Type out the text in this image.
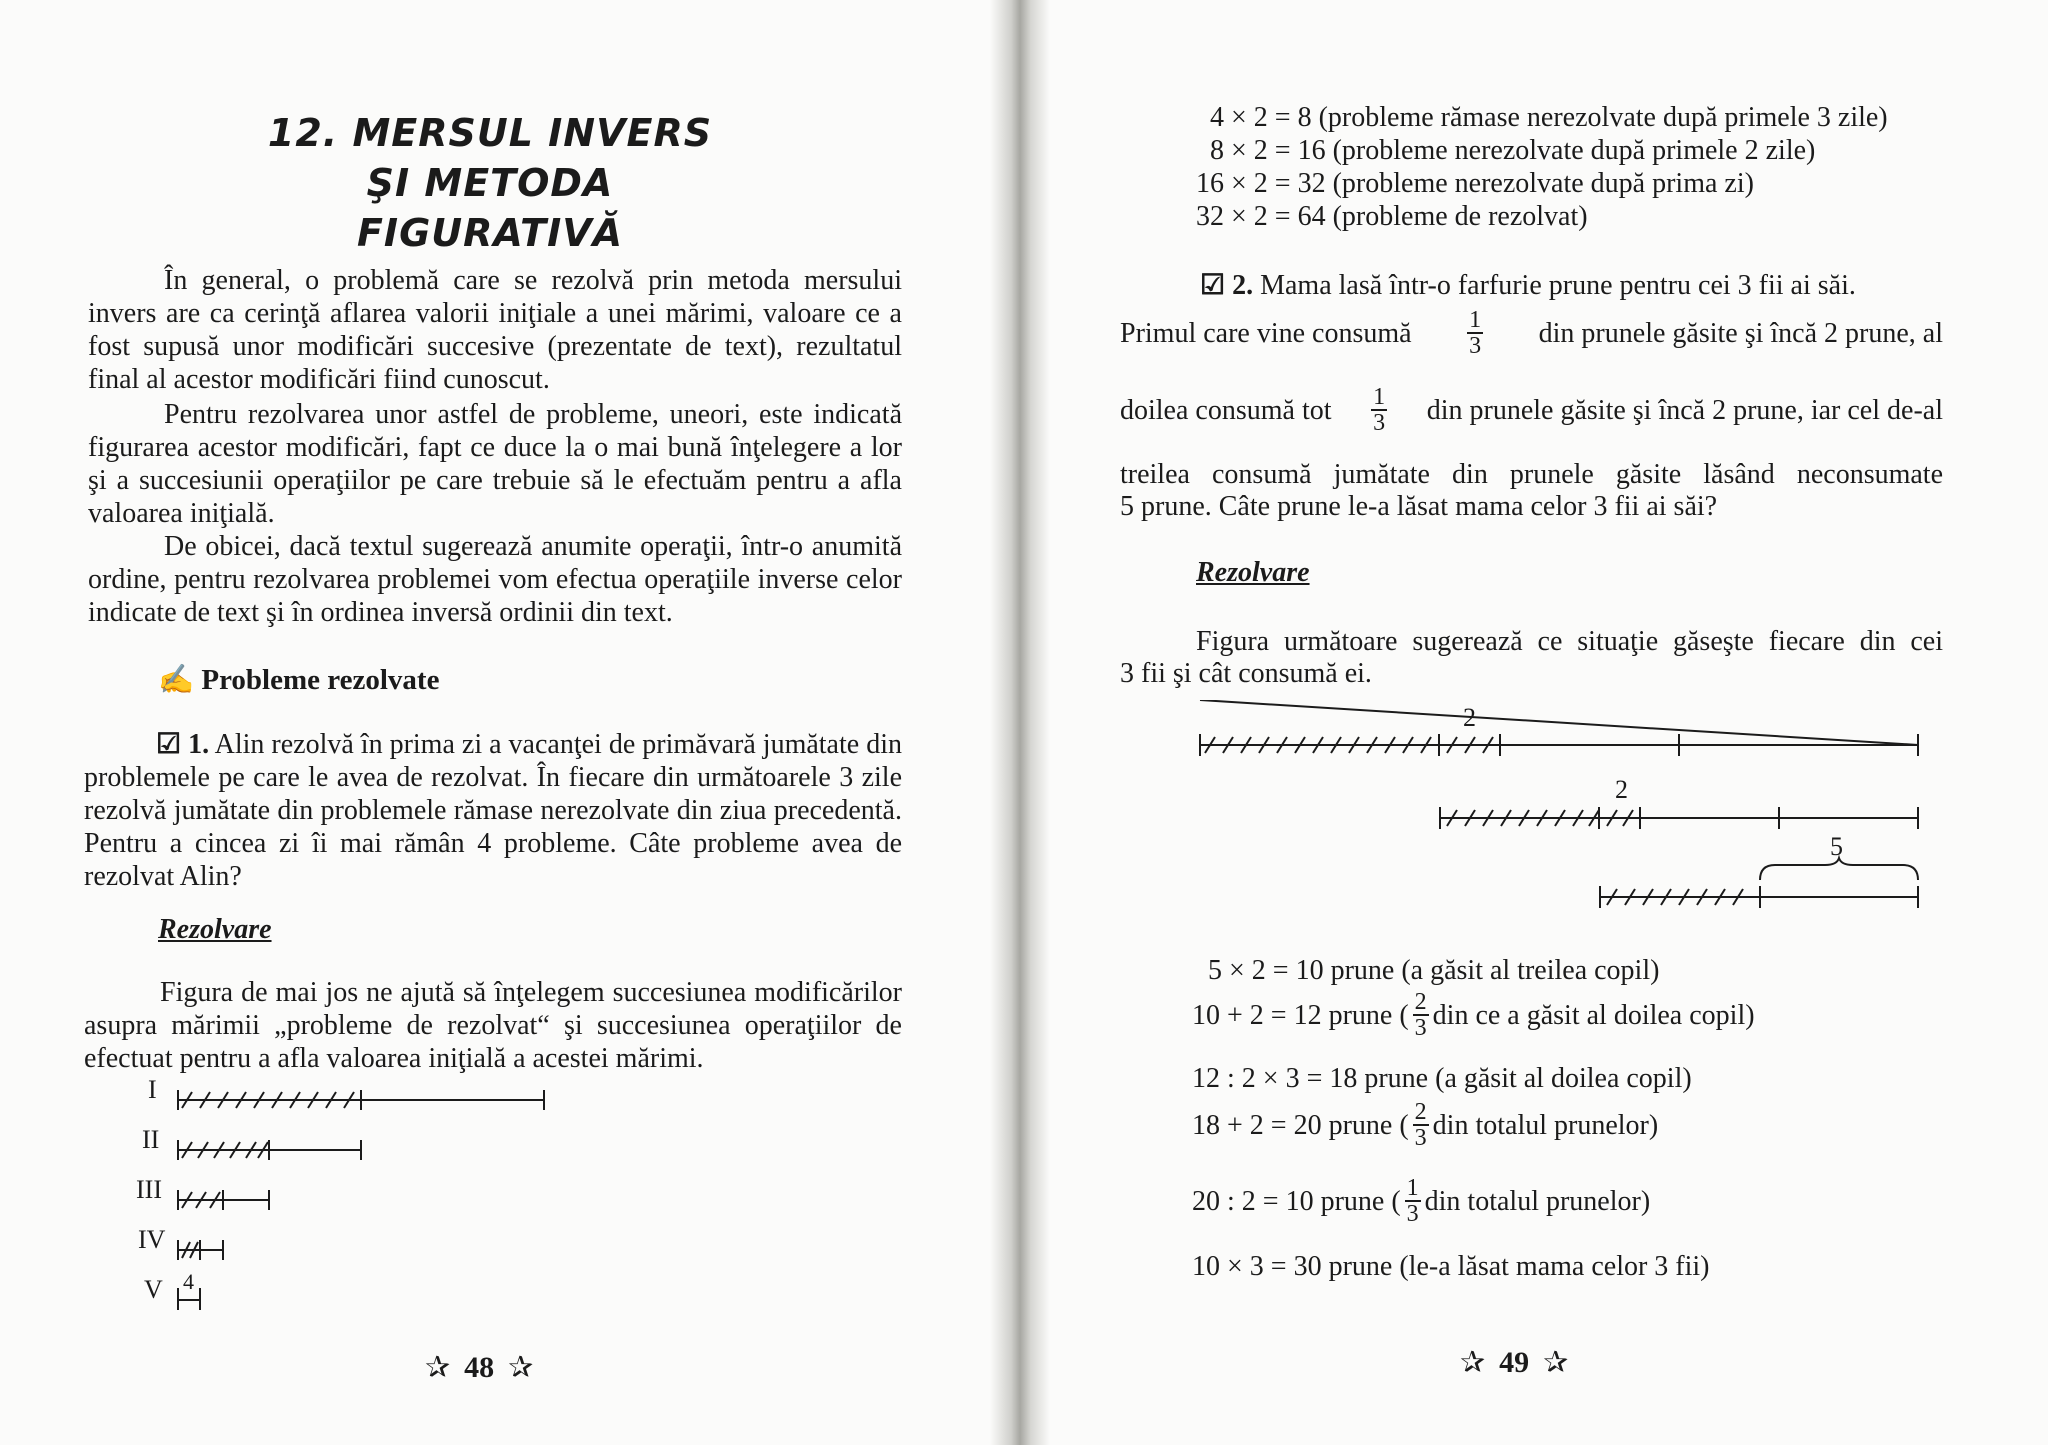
12. MERSUL INVERS
ŞI METODA FIGURATIVĂ
În general, o problemă care se rezolvă prin metoda mersului invers are ca cerinţă aflarea valorii iniţiale a unei mărimi, valoare ce a fost supusă unor modificări succesive (prezentate de text), rezultatul final al acestor modificări fiind cunoscut.
Pentru rezolvarea unor astfel de probleme, uneori, este indicată figurarea acestor modificări, fapt ce duce la o mai bună înţelegere a lor şi a succesiunii operaţiilor pe care trebuie să le efectuăm pentru a afla valoarea iniţială.
De obicei, dacă textul sugerează anumite operaţii, într-o anumită ordine, pentru rezolvarea problemei vom efectua operaţiile inverse celor indicate de text şi în ordinea inversă ordinii din text.
✍ Probleme rezolvate
☑ 1. Alin rezolvă în prima zi a vacanţei de primăvară jumătate din problemele pe care le avea de rezolvat. În fiecare din următoarele 3 zile rezolvă jumătate din problemele rămase nerezolvate din ziua precedentă. Pentru a cincea zi îi mai rămân 4 probleme. Câte probleme avea de rezolvat Alin?
Rezolvare
Figura de mai jos ne ajută să înţelegem succesiunea modificărilor asupra mărimii „probleme de rezolvat“ şi succesiunea operaţiilor de efectuat pentru a afla valoarea iniţială a acestei mărimi.
I
II
III
IV
V 4
✰ 48 ✰
4 × 2 = 8 (probleme rămase nerezolvate după primele 3 zile)
8 × 2 = 16 (probleme nerezolvate după primele 2 zile)
16 × 2 = 32 (probleme nerezolvate după prima zi)
32 × 2 = 64 (probleme de rezolvat)
☑ 2. Mama lasă într-o farfurie prune pentru cei 3 fii ai săi.
Primul care vine consumă $\frac{1}{3}$ din prunele găsite şi încă 2 prune, al
doilea consumă tot $\frac{1}{3}$ din prunele găsite şi încă 2 prune, iar cel de-al
treilea consumă jumătate din prunele găsite lăsând neconsumate
5 prune. Câte prune le-a lăsat mama celor 3 fii ai săi?
Rezolvare
Figura următoare sugerează ce situaţie găseşte fiecare din cei
3 fii şi cât consumă ei.
2
5
5 × 2 = 10 prune (a găsit al treilea copil)
10 + 2 = 12 prune ( $\frac{2}{3}$ din ce a găsit al doilea copil)
12 : 2 × 3 = 18 prune (a găsit al doilea copil)
18 + 2 = 20 prune ( $\frac{2}{3}$ din totalul prunelor)
20 : 2 = 10 prune ( $\frac{1}{3}$ din totalul prunelor)
10 × 3 = 30 prune (le-a lăsat mama celor 3 fii)
✰ 49 ✰
